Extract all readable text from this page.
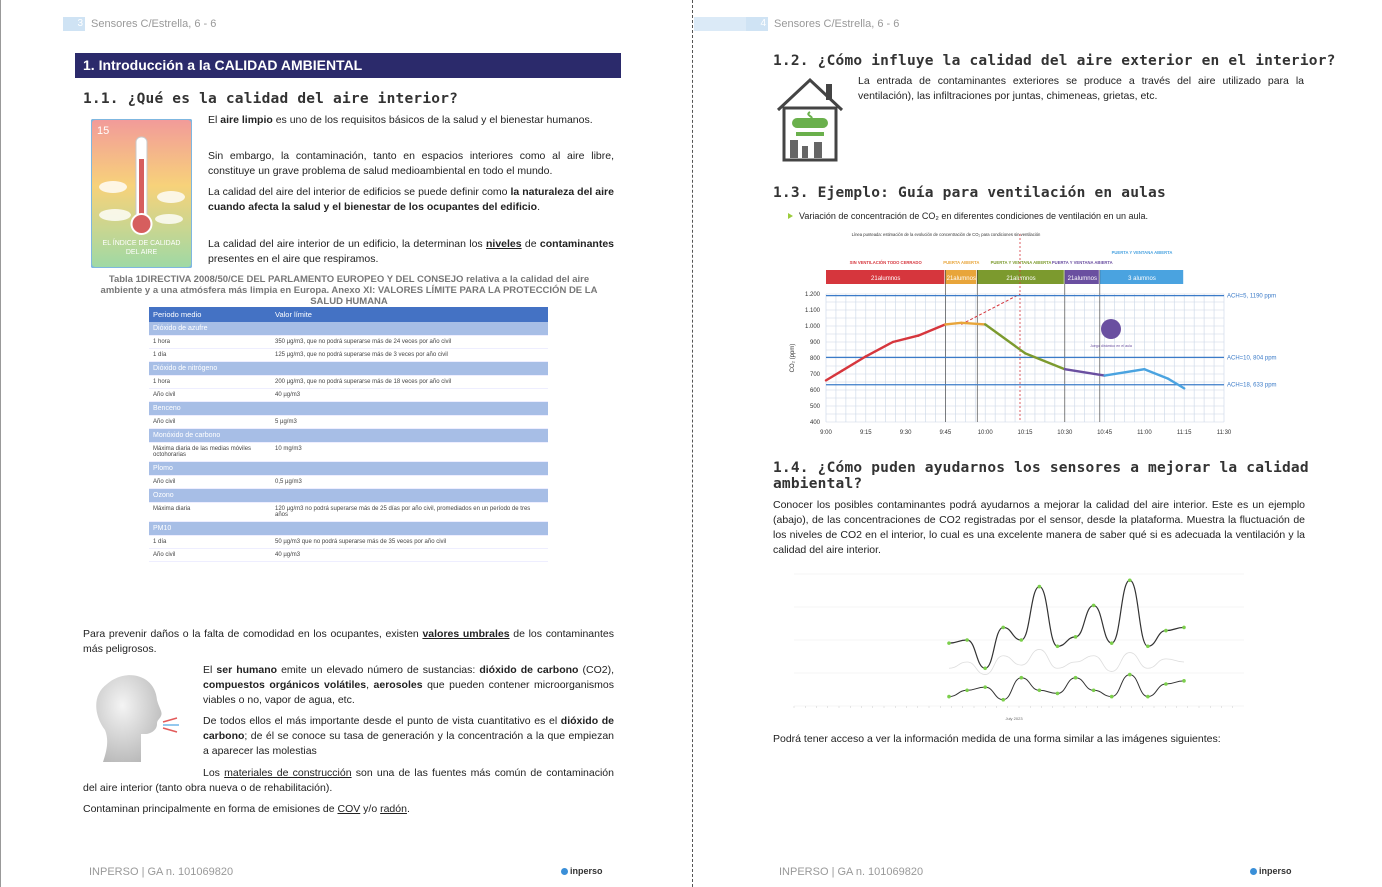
3 Sensores C/Estrella, 6 - 6
1. Introducción a la CALIDAD AMBIENTAL
1.1. ¿Qué es la calidad del aire interior?
15
EL ÍNDICE DE CALIDAD DEL AIRE
El aire limpio es uno de los requisitos básicos de la salud y el bienestar humanos.
Sin embargo, la contaminación, tanto en espacios interiores como al aire libre, constituye un grave problema de salud medioambiental en todo el mundo.
La calidad del aire del interior de edificios se puede definir como la naturaleza del aire cuando afecta la salud y el bienestar de los ocupantes del edificio.
La calidad del aire interior de un edificio, la determinan los niveles de contaminantes presentes en el aire que respiramos.
Tabla 1DIRECTIVA 2008/50/CE DEL PARLAMENTO EUROPEO Y DEL CONSEJO relativa a la calidad del aire ambiente y a una atmósfera más limpia en Europa. Anexo XI: VALORES LÍMITE PARA LA PROTECCIÓN DE LA SALUD HUMANA
Periodo medio	Valor límite
Dióxido de azufre	
1 hora	350 µg/m3, que no podrá superarse más de 24 veces por año civil
1 día	125 µg/m3, que no podrá superarse más de 3 veces por año civil
Dióxido de nitrógeno	
1 hora	200 µg/m3, que no podrá superarse más de 18 veces por año civil
Año civil	40 µg/m3
Benceno	
Año civil	5 µg/m3
Monóxido de carbono	
Máxima diaria de las medias móviles octohorarias	10 mg/m3
Plomo	
Año civil	0,5 µg/m3
Ozono	
Máxima diaria	120 µg/m3 no podrá superarse más de 25 días por año civil, promediados en un período de tres años
PM10	
1 día	50 µg/m3 que no podrá superarse más de 35 veces por año civil
Año civil	40 µg/m3
Para prevenir daños o la falta de comodidad en los ocupantes, existen valores umbrales de los contaminantes más peligrosos.
El ser humano emite un elevado número de sustancias: dióxido de carbono (CO2), compuestos orgánicos volátiles, aerosoles que pueden contener microorganismos viables o no, vapor de agua, etc.
De todos ellos el más importante desde el punto de vista cuantitativo es el dióxido de carbono; de él se conoce su tasa de generación y la concentración a la que empiezan a aparecer las molestias
Los materiales de construcción son una de las fuentes más común de contaminación del aire interior (tanto obra nueva o de rehabilitación).
Contaminan principalmente en forma de emisiones de COV y/o radón.
INPERSO | GA n. 101069820	inperso
4 Sensores C/Estrella, 6 - 6
1.2. ¿Cómo influye la calidad del aire exterior en el interior?
La entrada de contaminantes exteriores se produce a través del aire utilizado para la ventilación), las infiltraciones por juntas, chimeneas, grietas, etc.
1.3. Ejemplo: Guía para ventilación en aulas
Variación de concentración de CO₂ en diferentes condiciones de ventilación en un aula.
21alumnos
SIN VENTILACIÓN TODO CERRADO
21alumnos
PUERTA ABIERTA
21alumnos
PUERTA Y VENTANA ABIERTA
21alumnos
PUERTA Y VENTANA ABIERTA
3 alumnos
PUERTA Y VENTANA ABIERTA
Línea punteada: estimación de la evolución de concentración de CO₂ para condiciones sin ventilación
ACH=5, 1190 ppm
ACH=10, 804 ppm
ACH=18, 633 ppm
1.200
1.100
1.000
900
800
700
600
500
400
9:00	9:15	9:30	9:45	10:00	10:15	10:30	10:45	11:00	11:15	11:30
CO₂ (ppm)	Juego dinámico en el aula
1.4. ¿Cómo puden ayudarnos los sensores a mejorar la calidad ambiental?
Conocer los posibles contaminantes podrá ayudarnos a mejorar la calidad del aire interior. Este es un ejemplo (abajo), de las concentraciones de CO2 registradas por el sensor, desde la plataforma. Muestra la fluctuación de los niveles de CO2 en el interior, lo cual es una excelente manera de saber qué si es adecuada la ventilación y la calidad del aire interior.
July 2023
Podrá tener acceso a ver la información medida de una forma similar a las imágenes siguientes:
INPERSO | GA n. 101069820	inperso
